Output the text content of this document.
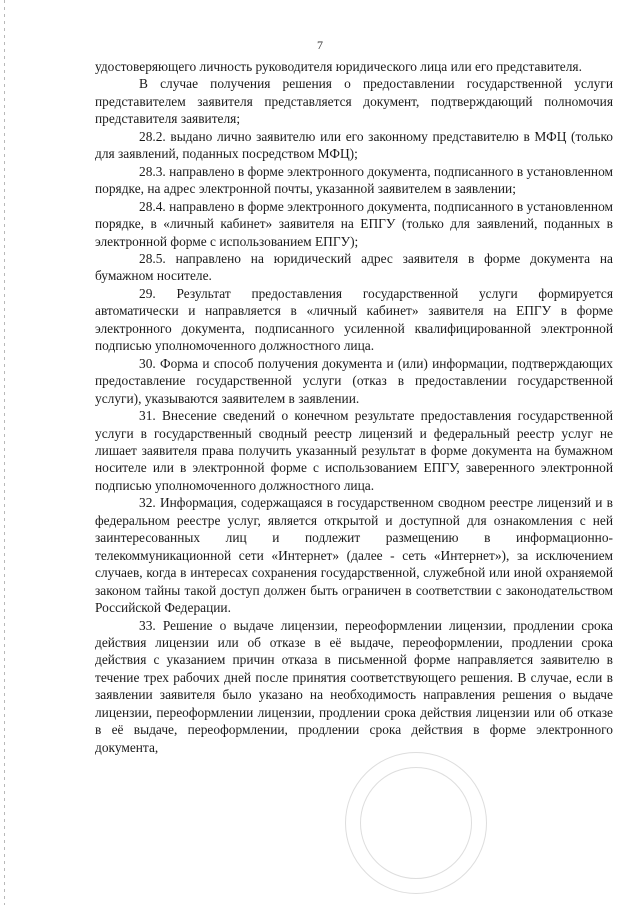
7

удостоверяющего личность руководителя юридического лица или его представителя.

В случае получения решения о предоставлении государственной услуги представителем заявителя представляется документ, подтверждающий полномочия представителя заявителя;

28.2. выдано лично заявителю или его законному представителю в МФЦ (только для заявлений, поданных посредством МФЦ);

28.3. направлено в форме электронного документа, подписанного в установленном порядке, на адрес электронной почты, указанной заявителем в заявлении;

28.4. направлено в форме электронного документа, подписанного в установленном порядке, в «личный кабинет» заявителя на ЕПГУ (только для заявлений, поданных в электронной форме с использованием ЕПГУ);

28.5. направлено на юридический адрес заявителя в форме документа на бумажном носителе.

29. Результат предоставления государственной услуги формируется автоматически и направляется в «личный кабинет» заявителя на ЕПГУ в форме электронного документа, подписанного усиленной квалифицированной электронной подписью уполномоченного должностного лица.

30. Форма и способ получения документа и (или) информации, подтверждающих предоставление государственной услуги (отказ в предоставлении государственной услуги), указываются заявителем в заявлении.

31. Внесение сведений о конечном результате предоставления государственной услуги в государственный сводный реестр лицензий и федеральный реестр услуг не лишает заявителя права получить указанный результат в форме документа на бумажном носителе или в электронной форме с использованием ЕПГУ, заверенного электронной подписью уполномоченного должностного лица.

32. Информация, содержащаяся в государственном сводном реестре лицензий и в федеральном реестре услуг, является открытой и доступной для ознакомления с ней заинтересованных лиц и подлежит размещению в информационно-телекоммуникационной сети «Интернет» (далее - сеть «Интернет»), за исключением случаев, когда в интересах сохранения государственной, служебной или иной охраняемой законом тайны такой доступ должен быть ограничен в соответствии с законодательством Российской Федерации.

33. Решение о выдаче лицензии, переоформлении лицензии, продлении срока действия лицензии или об отказе в её выдаче, переоформлении, продлении срока действия с указанием причин отказа в письменной форме направляется заявителю в течение трех рабочих дней после принятия соответствующего решения. В случае, если в заявлении заявителя было указано на необходимость направления решения о выдаче лицензии, переоформлении лицензии, продлении срока действия лицензии или об отказе в её выдаче, переоформлении, продлении срока действия в форме электронного документа,
